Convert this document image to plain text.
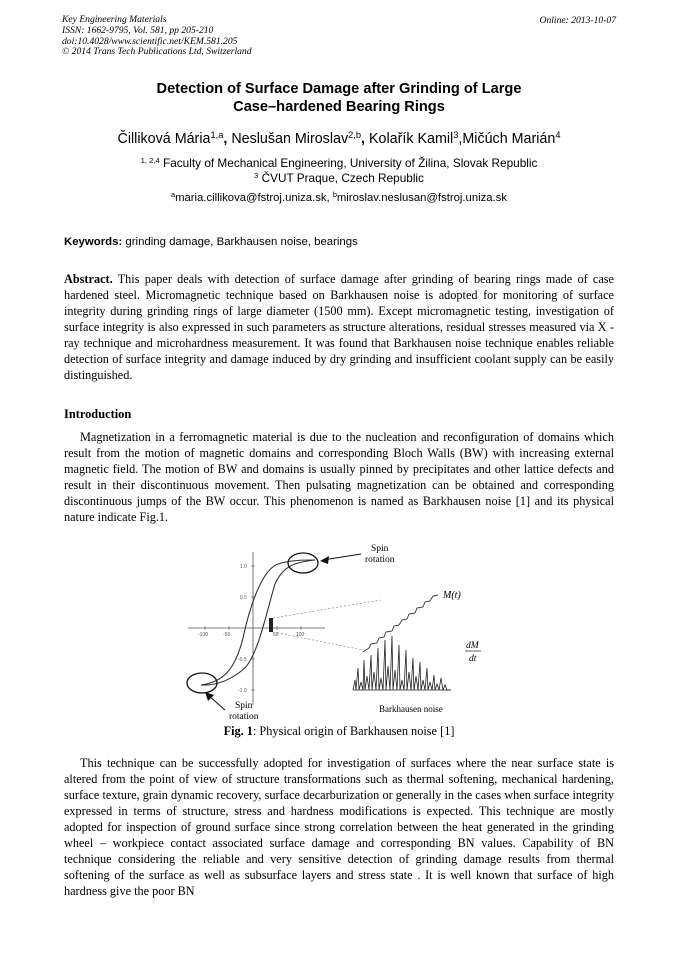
Key Engineering Materials
ISSN: 1662-9795, Vol. 581, pp 205-210
doi:10.4028/www.scientific.net/KEM.581.205
© 2014 Trans Tech Publications Ltd, Switzerland
Online: 2013-10-07
Detection of Surface Damage after Grinding of Large
Case–hardened Bearing Rings
Čilliková Mária$^{1,a}$, Neslušan Miroslav$^{2,b}$, Kolařík Kamil$^3$,Mičúch Marián$^4$
$^{1, 2,4}$ Faculty of Mechanical Engineering, University of Žilina, Slovak Republic
$^3$ ČVUT Praque, Czech Republic
$^a$maria.cillikova@fstroj.uniza.sk, $^b$miroslav.neslusan@fstroj.uniza.sk
Keywords: grinding damage, Barkhausen noise, bearings

Abstract. This paper deals with detection of surface damage after grinding of bearing rings made of case hardened steel. Micromagnetic technique based on Barkhausen noise is adopted for monitoring of surface integrity during grinding rings of large diameter (1500 mm). Except micromagnetic testing, investigation of surface integrity is also expressed in such parameters as structure alterations, residual stresses measured via X - ray technique and microhardness measurement. It was found that Barkhausen noise technique enables reliable detection of surface integrity and damage induced by dry grinding and insufficient coolant supply can be easily distinguished.

Introduction

Magnetization in a ferromagnetic material is due to the nucleation and reconfiguration of domains which result from the motion of magnetic domains and corresponding Bloch Walls (BW) with increasing external magnetic field. The motion of BW and domains is usually pinned by precipitates and other lattice defects and result in their discontinuous movement. Then pulsating magnetization can be obtained and corresponding discontinuous jumps of the BW occur. This phenomenon is named as Barkhausen noise [1] and its physical nature indicate Fig.1.

1.0
0.5
-0.5
-1.0
-100	-50	50	100
Spin
rotation
Spin
rotation
M(t)
dM
dt
Barkhausen noise
Fig. 1: Physical origin of Barkhausen noise [1]

This technique can be successfully adopted for investigation of surfaces where the near surface state is altered from the point of view of structure transformations such as thermal softening, mechanical hardening, surface texture, grain dynamic recovery, surface decarburization or generally in the cases when surface integrity expressed in terms of structure, stress and hardness modifications is expected. This technique are mostly adopted for inspection of ground surface since strong correlation between the heat generated in the grinding wheel – workpiece contact associated surface damage and corresponding BN values. Capability of BN technique considering the reliable and very sensitive detection of grinding damage results from thermal softening of the surface as well as subsurface layers and stress state . It is well known that surface of high hardness give the poor BN
